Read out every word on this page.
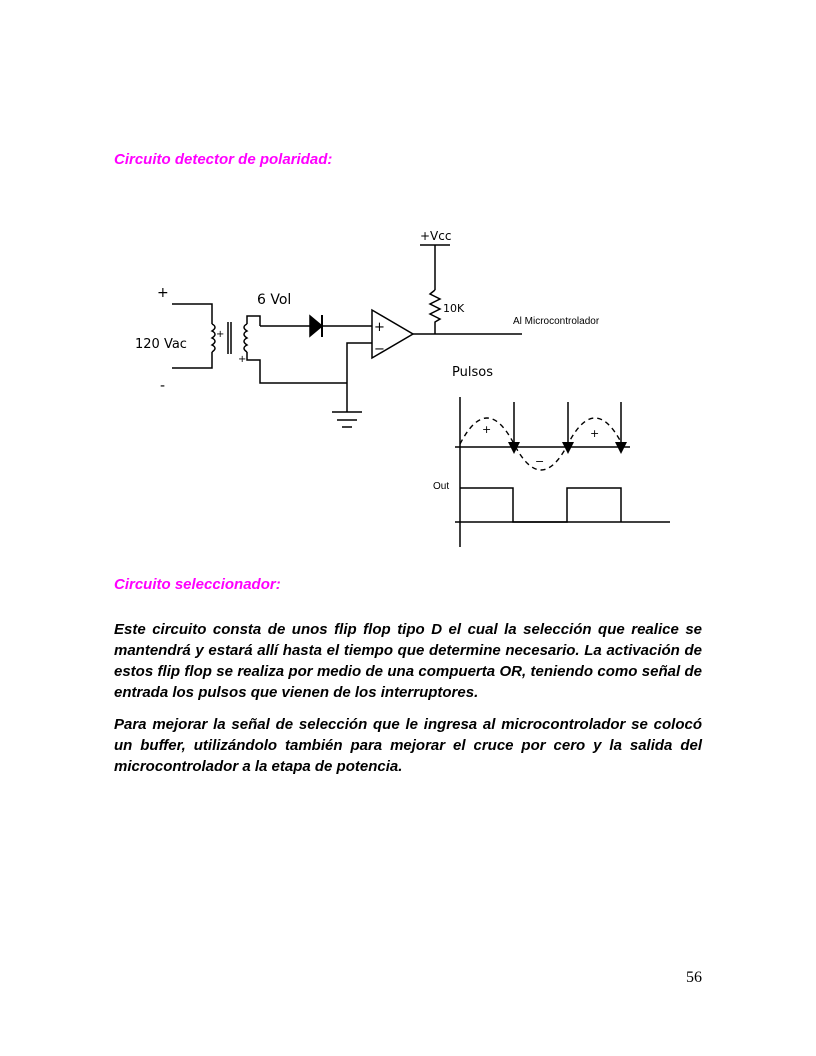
Circuito detector de polaridad:
+Vcc
10K
Al Microcontrolador
6 Vol
120 Vac
+
-
+
+
+
−
Pulsos
+	+
−
Out
Circuito seleccionador:

Este circuito consta de unos flip flop tipo D el cual la selección que realice se mantendrá y estará allí hasta el tiempo que determine necesario. La activación de estos flip flop se realiza por medio de una compuerta OR, teniendo como señal de entrada los pulsos que vienen de los interruptores.

Para mejorar la señal de selección que le ingresa al microcontrolador se colocó un buffer, utilizándolo también para mejorar el cruce por cero y la salida del microcontrolador a la etapa de potencia.

56
